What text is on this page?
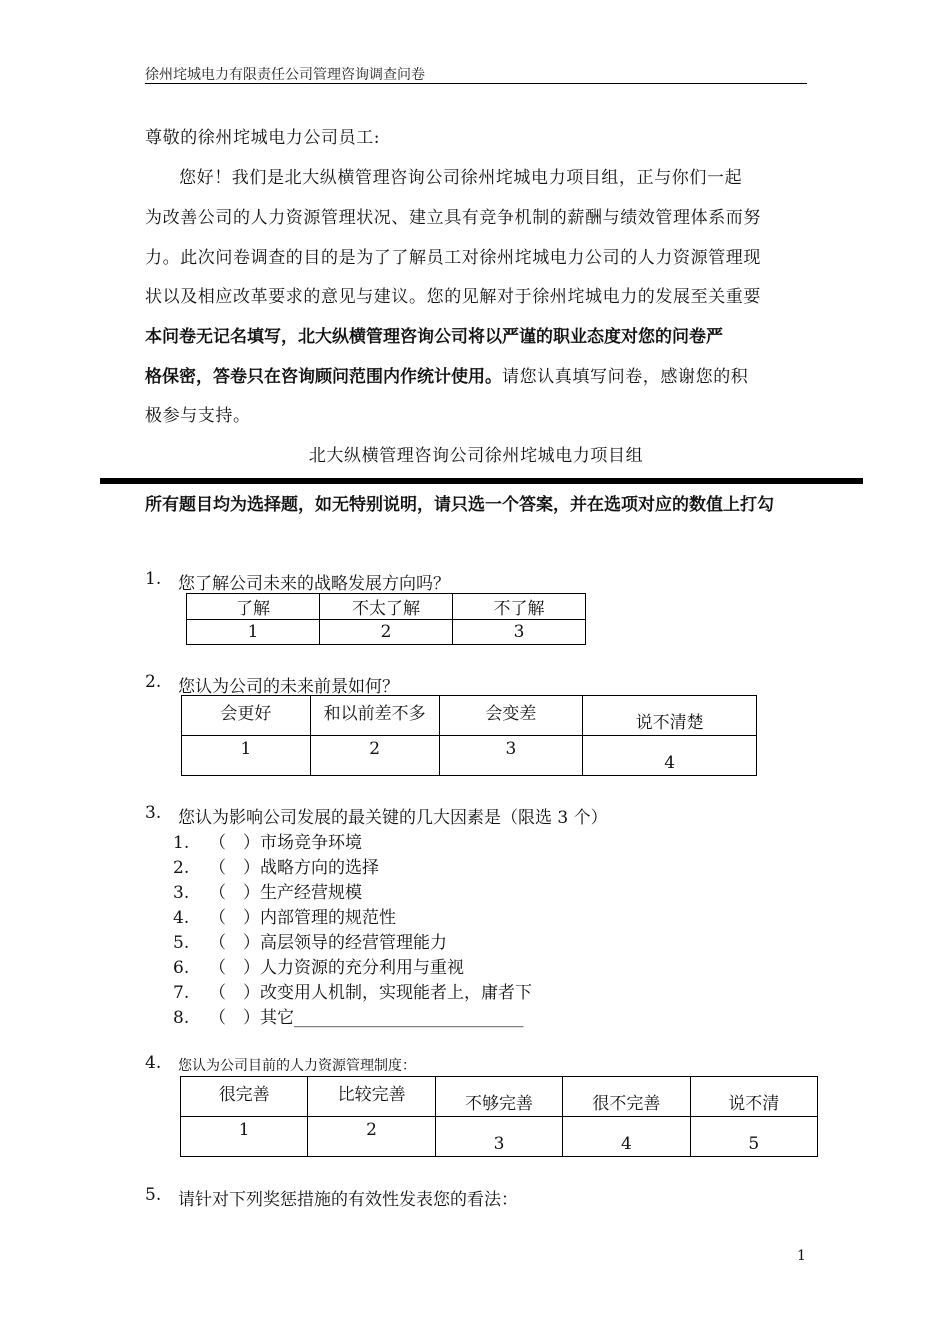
徐州垞城电力有限责任公司管理咨询调查问卷
尊敬的徐州垞城电力公司员工:
您好！我们是北大纵横管理咨询公司徐州垞城电力项目组，正与你们一起
为改善公司的人力资源管理状况、建立具有竞争机制的薪酬与绩效管理体系而努
力。此次问卷调查的目的是为了了解员工对徐州垞城电力公司的人力资源管理现
状以及相应改革要求的意见与建议。您的见解对于徐州垞城电力的发展至关重要
本问卷无记名填写，北大纵横管理咨询公司将以严谨的职业态度对您的问卷严
格保密，答卷只在咨询顾问范围内作统计使用。请您认真填写问卷，感谢您的积
极参与支持。
北大纵横管理咨询公司徐州垞城电力项目组
所有题目均为选择题，如无特别说明，请只选一个答案，并在选项对应的数值上打勾
1. 您了解公司未来的战略发展方向吗？
了解	不太了解	不了解
1	2	3
2. 您认为公司的未来前景如何？
会更好	和以前差不多	会变差	说不清楚
1	2	3	4
3. 您认为影响公司发展的最关键的几大因素是（限选 3 个）
1. （　）市场竞争环境
2. （　）战略方向的选择
3. （　）生产经营规模
4. （　）内部管理的规范性
5. （　）高层领导的经营管理能力
6. （　）人力资源的充分利用与重视
7. （　）改变用人机制，实现能者上，庸者下
8. （　）其它___________________________
4. 您认为公司目前的人力资源管理制度：
很完善	比较完善	不够完善	很不完善	说不清
1	2	3	4	5
5. 请针对下列奖惩措施的有效性发表您的看法：
1
